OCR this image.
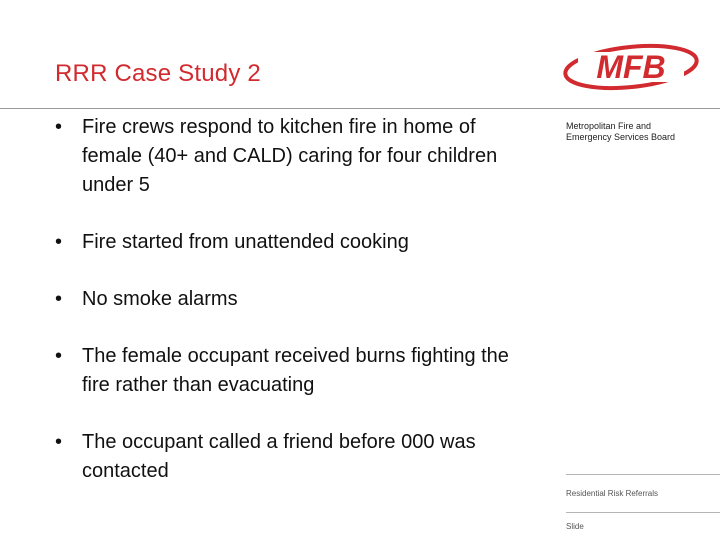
RRR Case Study 2	MFB
Metropolitan Fire and
Emergency Services Board
• Fire crews respond to kitchen fire in home of female (40+ and CALD) caring for four children under 5
• Fire started from unattended cooking
• No smoke alarms
• The female occupant received burns fighting the fire rather than evacuating
• The occupant called a friend before 000 was contacted
Residential Risk Referrals
Slide
